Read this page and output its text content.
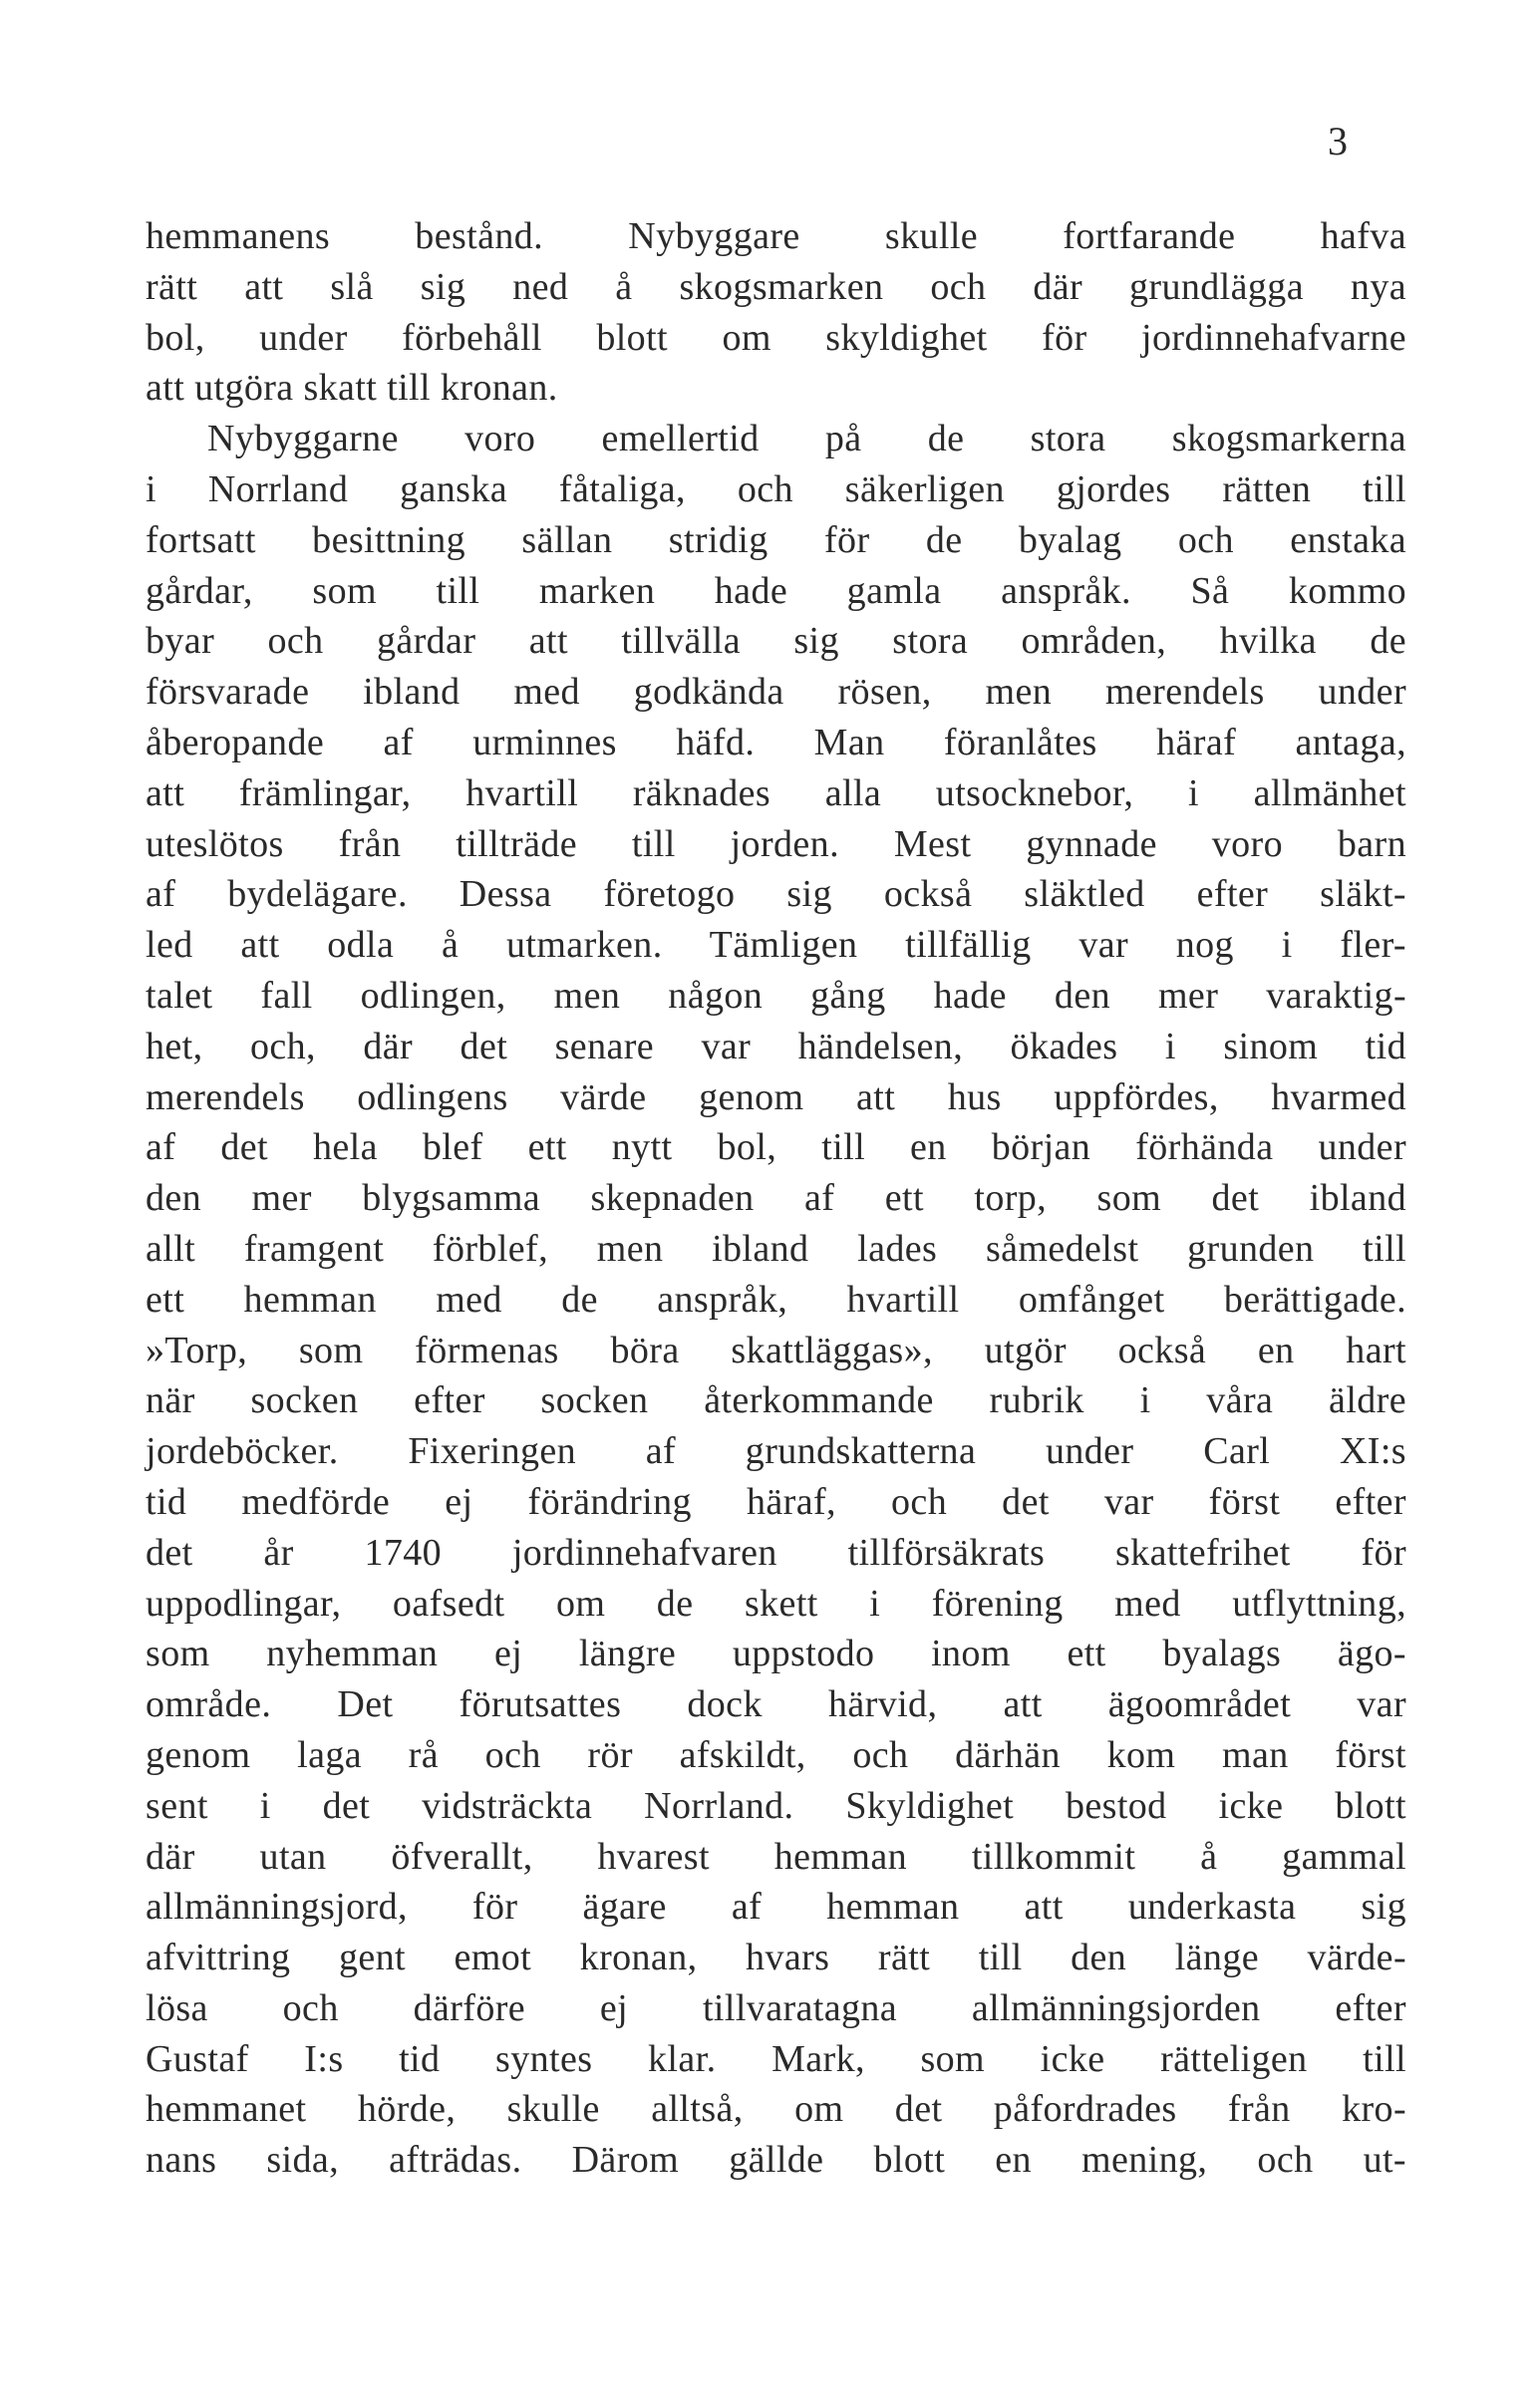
3
hemmanens bestånd. Nybyggare skulle fortfarande hafva
rätt att slå sig ned å skogsmarken och där grundlägga nya
bol, under förbehåll blott om skyldighet för jordinnehafvarne
att utgöra skatt till kronan.
Nybyggarne voro emellertid på de stora skogsmarkerna
i Norrland ganska fåtaliga, och säkerligen gjordes rätten till
fortsatt besittning sällan stridig för de byalag och enstaka
gårdar, som till marken hade gamla anspråk. Så kommo
byar och gårdar att tillvälla sig stora områden, hvilka de
försvarade ibland med godkända rösen, men merendels under
åberopande af urminnes häfd. Man föranlåtes häraf antaga,
att främlingar, hvartill räknades alla utsocknebor, i allmänhet
uteslötos från tillträde till jorden. Mest gynnade voro barn
af bydelägare. Dessa företogo sig också släktled efter släkt-
led att odla å utmarken. Tämligen tillfällig var nog i fler-
talet fall odlingen, men någon gång hade den mer varaktig-
het, och, där det senare var händelsen, ökades i sinom tid
merendels odlingens värde genom att hus uppfördes, hvarmed
af det hela blef ett nytt bol, till en början förhända under
den mer blygsamma skepnaden af ett torp, som det ibland
allt framgent förblef, men ibland lades såmedelst grunden till
ett hemman med de anspråk, hvartill omfånget berättigade.
»Torp, som förmenas böra skattläggas», utgör också en hart
när socken efter socken återkommande rubrik i våra äldre
jordeböcker. Fixeringen af grundskatterna under Carl XI:s
tid medförde ej förändring häraf, och det var först efter
det år 1740 jordinnehafvaren tillförsäkrats skattefrihet för
uppodlingar, oafsedt om de skett i förening med utflyttning,
som nyhemman ej längre uppstodo inom ett byalags ägo-
område. Det förutsattes dock härvid, att ägoområdet var
genom laga rå och rör afskildt, och därhän kom man först
sent i det vidsträckta Norrland. Skyldighet bestod icke blott
där utan öfverallt, hvarest hemman tillkommit å gammal
allmänningsjord, för ägare af hemman att underkasta sig
afvittring gent emot kronan, hvars rätt till den länge värde-
lösa och därföre ej tillvaratagna allmänningsjorden efter
Gustaf I:s tid syntes klar. Mark, som icke rätteligen till
hemmanet hörde, skulle alltså, om det påfordrades från kro-
nans sida, afträdas. Därom gällde blott en mening, och ut-
